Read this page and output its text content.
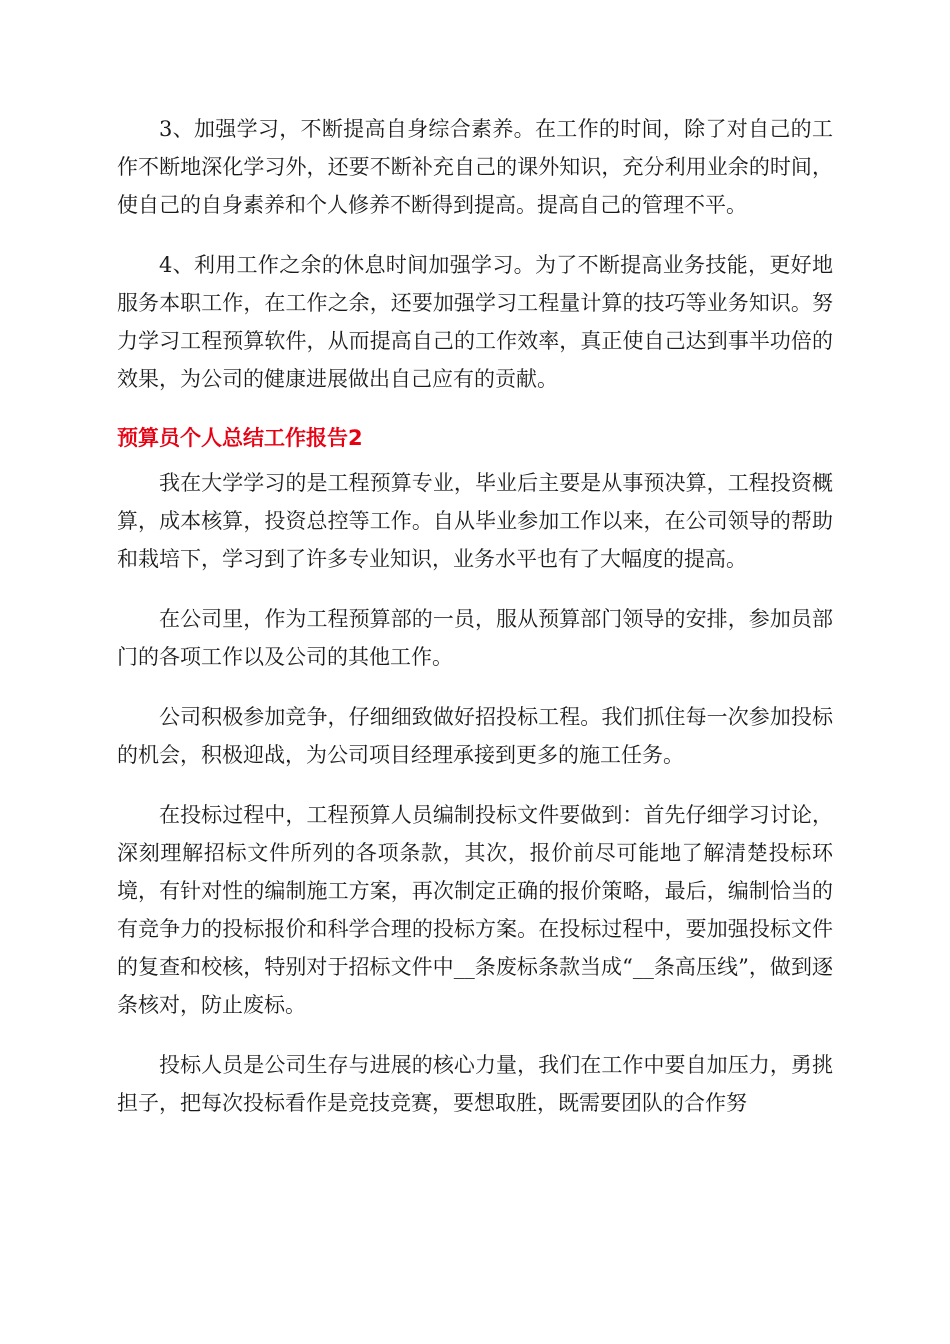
3、加强学习，不断提高自身综合素养。在工作的时间，除了对自己的工作不断地深化学习外，还要不断补充自己的课外知识，充分利用业余的时间，使自己的自身素养和个人修养不断得到提高。提高自己的管理不平。

4、利用工作之余的休息时间加强学习。为了不断提高业务技能，更好地服务本职工作，在工作之余，还要加强学习工程量计算的技巧等业务知识。努力学习工程预算软件，从而提高自己的工作效率，真正使自己达到事半功倍的效果，为公司的健康进展做出自己应有的贡献。

预算员个人总结工作报告2

我在大学学习的是工程预算专业，毕业后主要是从事预决算，工程投资概算，成本核算，投资总控等工作。自从毕业参加工作以来，在公司领导的帮助和栽培下，学习到了许多专业知识，业务水平也有了大幅度的提高。

在公司里，作为工程预算部的一员，服从预算部门领导的安排，参加员部门的各项工作以及公司的其他工作。

公司积极参加竞争，仔细细致做好招投标工程。我们抓住每一次参加投标的机会，积极迎战，为公司项目经理承接到更多的施工任务。

在投标过程中，工程预算人员编制投标文件要做到：首先仔细学习讨论，深刻理解招标文件所列的各项条款，其次，报价前尽可能地了解清楚投标环境，有针对性的编制施工方案，再次制定正确的报价策略，最后，编制恰当的有竞争力的投标报价和科学合理的投标方案。在投标过程中，要加强投标文件的复查和校核，特别对于招标文件中__条废标条款当成“__条高压线”，做到逐条核对，防止废标。

投标人员是公司生存与进展的核心力量，我们在工作中要自加压力，勇挑担子，把每次投标看作是竞技竞赛，要想取胜，既需要团队的合作努
